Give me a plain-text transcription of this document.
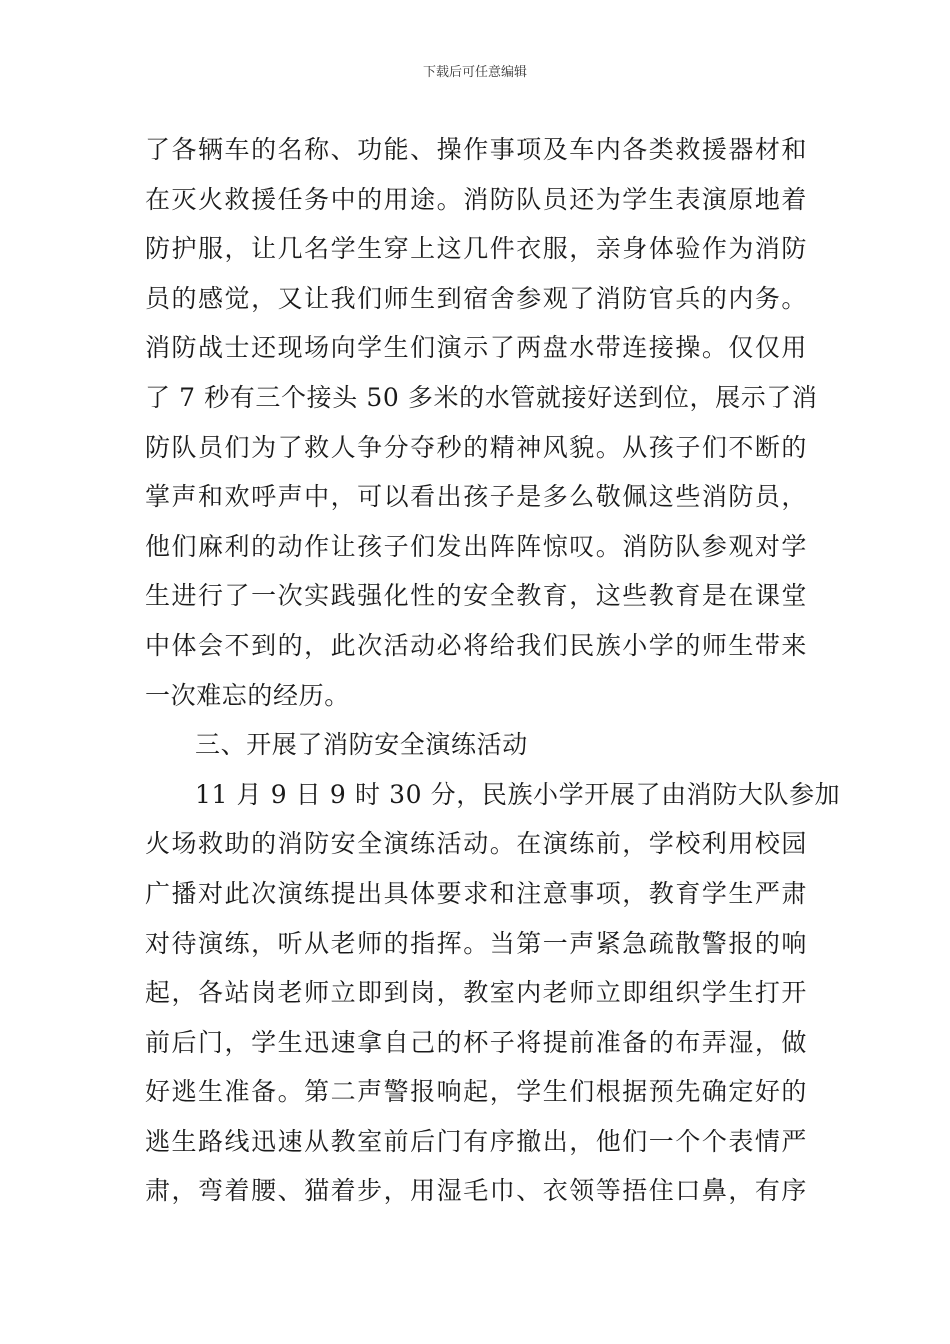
下载后可任意编辑
了各辆车的名称、功能、操作事项及车内各类救援器材和
在灭火救援任务中的用途。消防队员还为学生表演原地着
防护服，让几名学生穿上这几件衣服，亲身体验作为消防
员的感觉，又让我们师生到宿舍参观了消防官兵的内务。
消防战士还现场向学生们演示了两盘水带连接操。仅仅用
了 7 秒有三个接头 50 多米的水管就接好送到位，展示了消
防队员们为了救人争分夺秒的精神风貌。从孩子们不断的
掌声和欢呼声中，可以看出孩子是多么敬佩这些消防员，
他们麻利的动作让孩子们发出阵阵惊叹。消防队参观对学
生进行了一次实践强化性的安全教育，这些教育是在课堂
中体会不到的，此次活动必将给我们民族小学的师生带来
一次难忘的经历。
三、开展了消防安全演练活动
11 月 9 日 9 时 30 分，民族小学开展了由消防大队参加
火场救助的消防安全演练活动。在演练前，学校利用校园
广播对此次演练提出具体要求和注意事项，教育学生严肃
对待演练，听从老师的指挥。当第一声紧急疏散警报的响
起，各站岗老师立即到岗，教室内老师立即组织学生打开
前后门，学生迅速拿自己的杯子将提前准备的布弄湿，做
好逃生准备。第二声警报响起，学生们根据预先确定好的
逃生路线迅速从教室前后门有序撤出，他们一个个表情严
肃，弯着腰、猫着步，用湿毛巾、衣领等捂住口鼻，有序
